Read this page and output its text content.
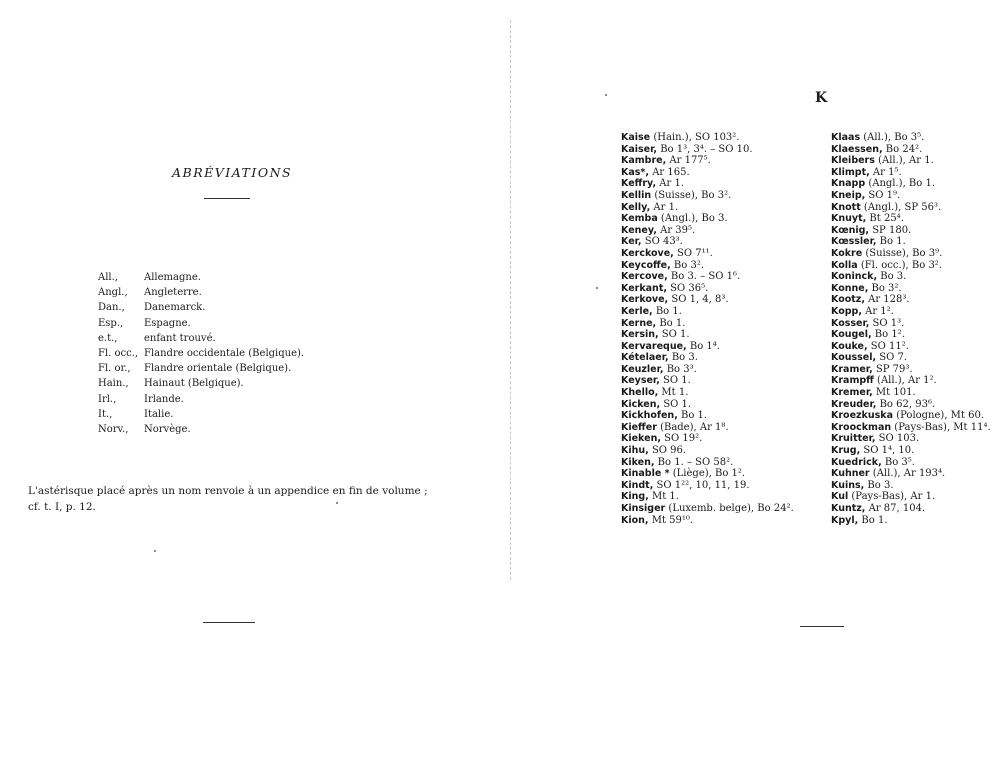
ABRÉVIATIONS
All.,	Allemagne.
Angl.,	Angleterre.
Dan.,	Danemarck.
Esp.,	Espagne.
e.t.,	enfant trouvé.
Fl. occ., Flandre occidentale (Belgique).
Fl. or.,	Flandre orientale (Belgique).
Hain.,	Hainaut (Belgique).
Irl.,	Irlande.
It.,	Italie.
Norv.,	Norvège.
L'astérisque placé après un nom renvoie à un appendice en fin de volume ;
cf. t. I, p. 12.
K
Kaise (Hain.), SO 103².
Kaiser, Bo 1³, 3⁴. – SO 10.
Kambre, Ar 177⁵.
Kas*, Ar 165.
Keffry, Ar 1.
Kellin (Suisse), Bo 3².
Kelly, Ar 1.
Kemba (Angl.), Bo 3.
Keney, Ar 39⁵.
Ker, SO 43³.
Kerckove, SO 7¹¹.
Keycoffe, Bo 3².
Kercove, Bo 3. – SO 1⁶.
Kerkant, SO 36⁵.
Kerkove, SO 1, 4, 8³.
Kerle, Bo 1.
Kerne, Bo 1.
Kersin, SO 1.
Kervareque, Bo 1⁴.
Kételaer, Bo 3.
Keuzler, Bo 3³.
Keyser, SO 1.
Khello, Mt 1.
Kicken, SO 1.
Kickhofen, Bo 1.
Kieffer (Bade), Ar 1⁸.
Kieken, SO 19².
Kihu, SO 96.
Kiken, Bo 1. – SO 58².
Kinable * (Liège), Bo 1².
Kindt, SO 1²², 10, 11, 19.
King, Mt 1.
Kinsiger (Luxemb. belge), Bo 24².
Kion, Mt 59¹⁰.
Klaas (All.), Bo 3⁵.
Klaessen, Bo 24².
Kleibers (All.), Ar 1.
Klimpt, Ar 1⁵.
Knapp (Angl.), Bo 1.
Kneip, SO 1⁹.
Knott (Angl.), SP 56³.
Knuyt, Bt 25⁴.
Kœnig, SP 180.
Kœssler, Bo 1.
Kokre (Suisse), Bo 3⁹.
Kolla (Fl. occ.), Bo 3².
Koninck, Bo 3.
Konne, Bo 3².
Kootz, Ar 128³.
Kopp, Ar 1².
Kosser, SO 1³.
Kougel, Bo 1².
Kouke, SO 11².
Koussel, SO 7.
Kramer, SP 79³.
Krampff (All.), Ar 1².
Kremer, Mt 101.
Kreuder, Bo 62, 93⁶.
Kroezkuska (Pologne), Mt 60.
Kroockman (Pays-Bas), Mt 11⁴.
Kruitter, SO 103.
Krug, SO 1⁴, 10.
Kuedrick, Bo 3⁵.
Kuhner (All.), Ar 193⁴.
Kuins, Bo 3.
Kul (Pays-Bas), Ar 1.
Kuntz, Ar 87, 104.
Kpyl, Bo 1.
